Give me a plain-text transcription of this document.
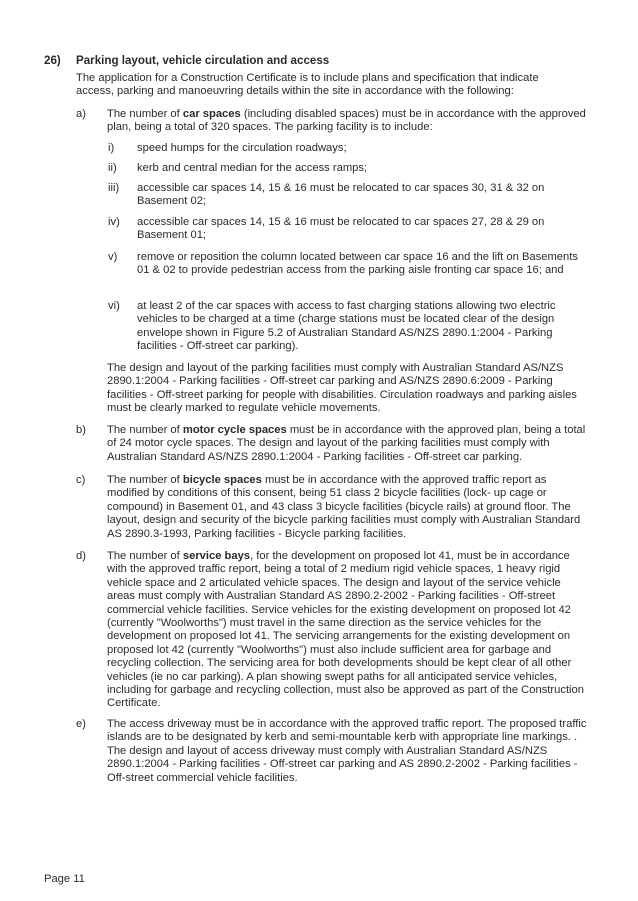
26) Parking layout, vehicle circulation and access
The application for a Construction Certificate is to include plans and specification that indicate access, parking and manoeuvring details within the site in accordance with the following:
a) The number of car spaces (including disabled spaces) must be in accordance with the approved plan, being a total of 320 spaces. The parking facility is to include:
i) speed humps for the circulation roadways;
ii) kerb and central median for the access ramps;
iii) accessible car spaces 14, 15 & 16 must be relocated to car spaces 30, 31 & 32 on Basement 02;
iv) accessible car spaces 14, 15 & 16 must be relocated to car spaces 27, 28 & 29 on Basement 01;
v) remove or reposition the column located between car space 16 and the lift on Basements 01 & 02 to provide pedestrian access from the parking aisle fronting car space 16; and
vi) at least 2 of the car spaces with access to fast charging stations allowing two electric vehicles to be charged at a time (charge stations must be located clear of the design envelope shown in Figure 5.2 of Australian Standard AS/NZS 2890.1:2004 - Parking facilities - Off-street car parking).
The design and layout of the parking facilities must comply with Australian Standard AS/NZS 2890.1:2004 - Parking facilities - Off-street car parking and AS/NZS 2890.6:2009 - Parking facilities - Off-street parking for people with disabilities. Circulation roadways and parking aisles must be clearly marked to regulate vehicle movements.
b) The number of motor cycle spaces must be in accordance with the approved plan, being a total of 24 motor cycle spaces. The design and layout of the parking facilities must comply with Australian Standard AS/NZS 2890.1:2004 - Parking facilities - Off-street car parking.
c) The number of bicycle spaces must be in accordance with the approved traffic report as modified by conditions of this consent, being 51 class 2 bicycle facilities (lock- up cage or compound) in Basement 01, and 43 class 3 bicycle facilities (bicycle rails) at ground floor. The layout, design and security of the bicycle parking facilities must comply with Australian Standard AS 2890.3-1993, Parking facilities - Bicycle parking facilities.
d) The number of service bays, for the development on proposed lot 41, must be in accordance with the approved traffic report, being a total of 2 medium rigid vehicle spaces, 1 heavy rigid vehicle space and 2 articulated vehicle spaces. The design and layout of the service vehicle areas must comply with Australian Standard AS 2890.2-2002 - Parking facilities - Off-street commercial vehicle facilities. Service vehicles for the existing development on proposed lot 42 (currently "Woolworths") must travel in the same direction as the service vehicles for the development on proposed lot 41. The servicing arrangements for the existing development on proposed lot 42 (currently "Woolworths") must also include sufficient area for garbage and recycling collection. The servicing area for both developments should be kept clear of all other vehicles (ie no car parking). A plan showing swept paths for all anticipated service vehicles, including for garbage and recycling collection, must also be approved as part of the Construction Certificate.
e) The access driveway must be in accordance with the approved traffic report. The proposed traffic islands are to be designated by kerb and semi-mountable kerb with appropriate line markings. . The design and layout of access driveway must comply with Australian Standard AS/NZS 2890.1:2004 - Parking facilities - Off-street car parking and AS 2890.2-2002 - Parking facilities - Off-street commercial vehicle facilities.
Page 11
